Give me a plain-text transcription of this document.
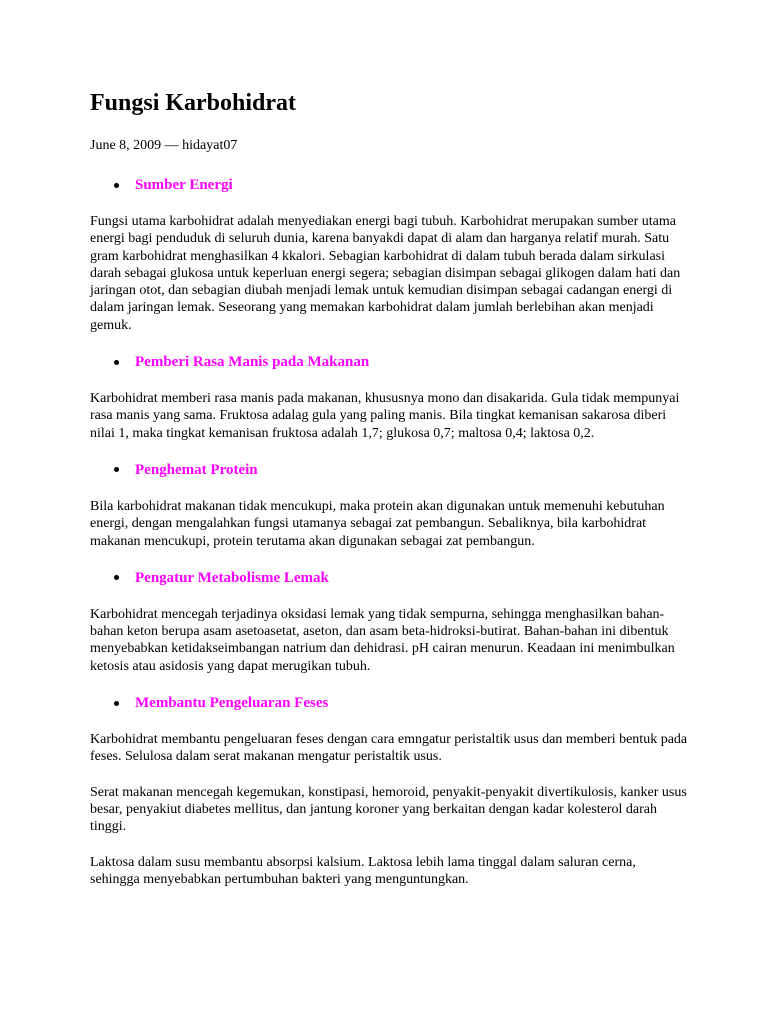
Fungsi Karbohidrat

June 8, 2009 — hidayat07

Sumber Energi

Fungsi utama karbohidrat adalah menyediakan energi bagi tubuh. Karbohidrat merupakan sumber utama energi bagi penduduk di seluruh dunia, karena banyakdi dapat di alam dan harganya relatif murah. Satu gram karbohidrat menghasilkan 4 kkalori. Sebagian karbohidrat di dalam tubuh berada dalam sirkulasi darah sebagai glukosa untuk keperluan energi segera; sebagian disimpan sebagai glikogen dalam hati dan jaringan otot, dan sebagian diubah menjadi lemak untuk kemudian disimpan sebagai cadangan energi di dalam jaringan lemak. Seseorang yang memakan karbohidrat dalam jumlah berlebihan akan menjadi gemuk.

Pemberi Rasa Manis pada Makanan

Karbohidrat memberi rasa manis pada makanan, khususnya mono dan disakarida. Gula tidak mempunyai rasa manis yang sama. Fruktosa adalag gula yang paling manis. Bila tingkat kemanisan sakarosa diberi nilai 1, maka tingkat kemanisan fruktosa adalah 1,7; glukosa 0,7; maltosa 0,4; laktosa 0,2.

Penghemat Protein

Bila karbohidrat makanan tidak mencukupi, maka protein akan digunakan untuk memenuhi kebutuhan energi, dengan mengalahkan fungsi utamanya sebagai zat pembangun. Sebaliknya, bila karbohidrat makanan mencukupi, protein terutama akan digunakan sebagai zat pembangun.

Pengatur Metabolisme Lemak

Karbohidrat mencegah terjadinya oksidasi lemak yang tidak sempurna, sehingga menghasilkan bahan-bahan keton berupa asam asetoasetat, aseton, dan asam beta-hidroksi-butirat. Bahan-bahan ini dibentuk menyebabkan ketidakseimbangan natrium dan dehidrasi. pH cairan menurun. Keadaan ini menimbulkan ketosis atau asidosis yang dapat merugikan tubuh.

Membantu Pengeluaran Feses

Karbohidrat membantu pengeluaran feses dengan cara emngatur peristaltik usus dan memberi bentuk pada feses. Selulosa dalam serat makanan mengatur peristaltik usus.

Serat makanan mencegah kegemukan, konstipasi, hemoroid, penyakit-penyakit divertikulosis, kanker usus besar, penyakiut diabetes mellitus, dan jantung koroner yang berkaitan dengan kadar kolesterol darah tinggi.

Laktosa dalam susu membantu absorpsi kalsium. Laktosa lebih lama tinggal dalam saluran cerna, sehingga menyebabkan pertumbuhan bakteri yang menguntungkan.
